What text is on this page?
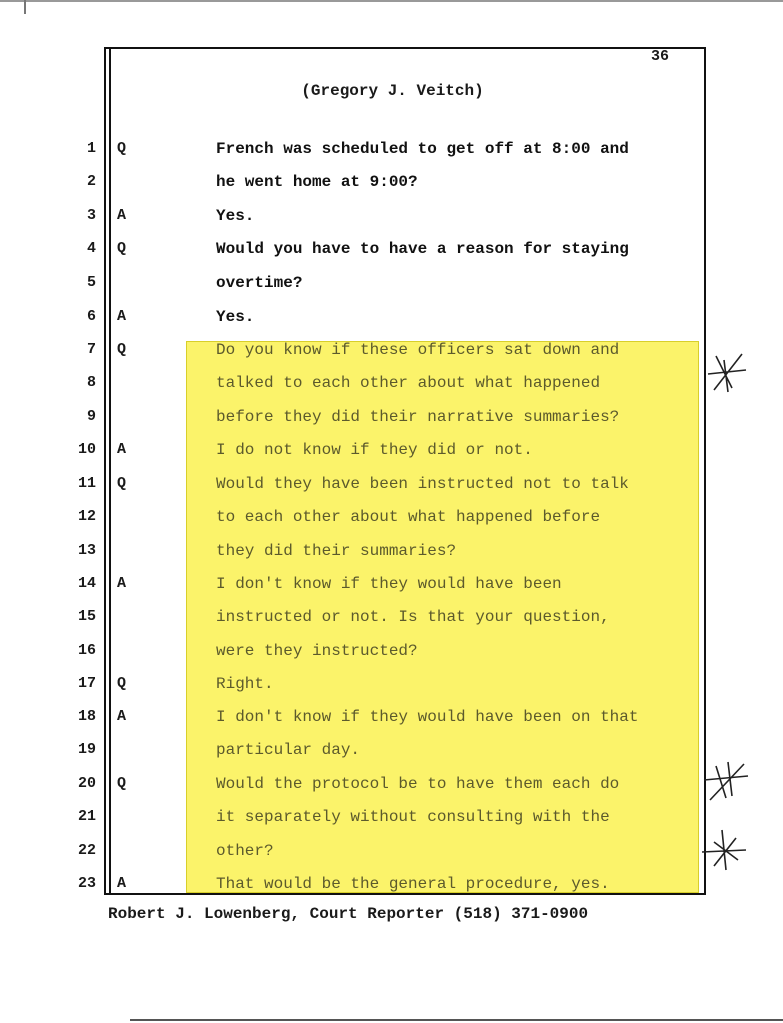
36
(Gregory J. Veitch)
1 Q	French was scheduled to get off at 8:00 and
2	he went home at 9:00?
3 A	Yes.
4 Q	Would you have to have a reason for staying
5	overtime?
6 A	Yes.
7 Q	Do you know if these officers sat down and
8	talked to each other about what happened
9	before they did their narrative summaries?
10 A	I do not know if they did or not.
11 Q	Would they have been instructed not to talk
12	to each other about what happened before
13	they did their summaries?
14 A	I don't know if they would have been
15	instructed or not. Is that your question,
16	were they instructed?
17 Q	Right.
18 A	I don't know if they would have been on that
19	particular day.
20 Q	Would the protocol be to have them each do
21	it separately without consulting with the
22	other?
23 A	That would be the general procedure, yes.
Robert J. Lowenberg, Court Reporter (518) 371-0900
